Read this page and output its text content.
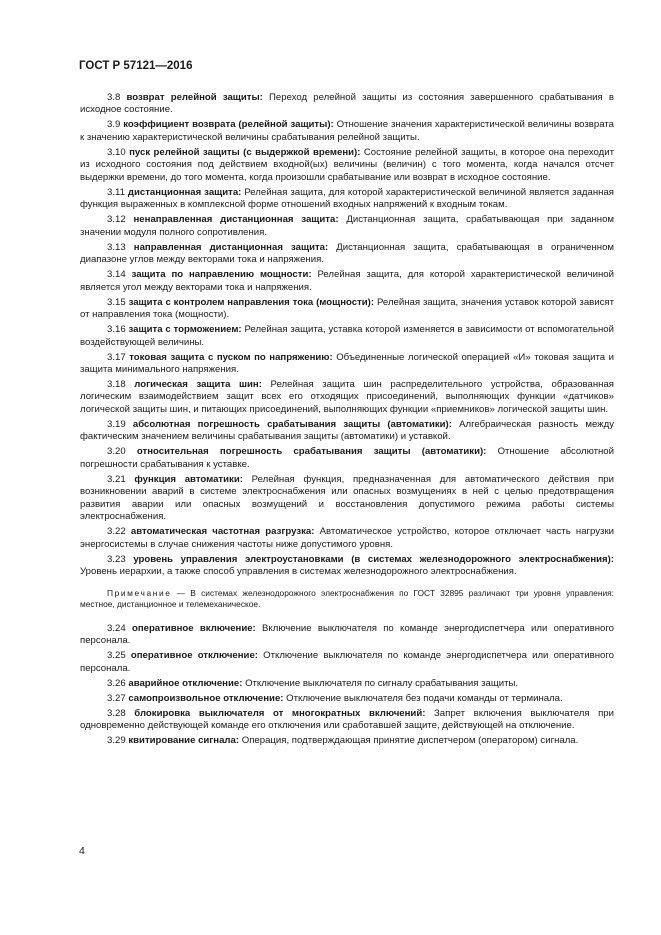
ГОСТ Р 57121—2016

3.8 возврат релейной защиты: Переход релейной защиты из состояния завершенного срабатывания в исходное состояние.

3.9 коэффициент возврата (релейной защиты): Отношение значения характеристической величины возврата к значению характеристической величины срабатывания релейной защиты.

3.10 пуск релейной защиты (с выдержкой времени): Состояние релейной защиты, в которое она переходит из исходного состояния под действием входной(ых) величины (величин) с того момента, когда начался отсчет выдержки времени, до того момента, когда произошли срабатывание или возврат в исходное состояние.

3.11 дистанционная защита: Релейная защита, для которой характеристической величиной является заданная функция выраженных в комплексной форме отношений входных напряжений к входным токам.

3.12 ненаправленная дистанционная защита: Дистанционная защита, срабатывающая при заданном значении модуля полного сопротивления.

3.13 направленная дистанционная защита: Дистанционная защита, срабатывающая в ограниченном диапазоне углов между векторами тока и напряжения.

3.14 защита по направлению мощности: Релейная защита, для которой характеристической величиной является угол между векторами тока и напряжения.

3.15 защита с контролем направления тока (мощности): Релейная защита, значения уставок которой зависят от направления тока (мощности).

3.16 защита с торможением: Релейная защита, уставка которой изменяется в зависимости от вспомогательной воздействующей величины.

3.17 токовая защита с пуском по напряжению: Объединенные логической операцией «И» токовая защита и защита минимального напряжения.

3.18 логическая защита шин: Релейная защита шин распределительного устройства, образованная логическим взаимодействием защит всех его отходящих присоединений, выполняющих функции «датчиков» логической защиты шин, и питающих присоединений, выполняющих функции «приемников» логической защиты шин.

3.19 абсолютная погрешность срабатывания защиты (автоматики): Алгебраическая разность между фактическим значением величины срабатывания защиты (автоматики) и уставкой.

3.20 относительная погрешность срабатывания защиты (автоматики): Отношение абсолютной погрешности срабатывания к уставке.

3.21 функция автоматики: Релейная функция, предназначенная для автоматического действия при возникновении аварий в системе электроснабжения или опасных возмущениях в ней с целью предотвращения развития аварии или опасных возмущений и восстановления допустимого режима работы системы электроснабжения.

3.22 автоматическая частотная разгрузка: Автоматическое устройство, которое отключает часть нагрузки энергосистемы в случае снижения частоты ниже допустимого уровня.

3.23 уровень управления электроустановками (в системах железнодорожного электроснабжения): Уровень иерархии, а также способ управления в системах железнодорожного электроснабжения.

Примечание — В системах железнодорожного электроснабжения по ГОСТ 32895 различают три уровня управления: местное, дистанционное и телемеханическое.

3.24 оперативное включение: Включение выключателя по команде энергодиспетчера или оперативного персонала.

3.25 оперативное отключение: Отключение выключателя по команде энергодиспетчера или оперативного персонала.

3.26 аварийное отключение: Отключение выключателя по сигналу срабатывания защиты.

3.27 самопроизвольное отключение: Отключение выключателя без подачи команды от терминала.

3.28 блокировка выключателя от многократных включений: Запрет включения выключателя при одновременно действующей команде его отключения или сработавшей защите, действующей на отключение.

3.29 квитирование сигнала: Операция, подтверждающая принятие диспетчером (оператором) сигнала.

4
